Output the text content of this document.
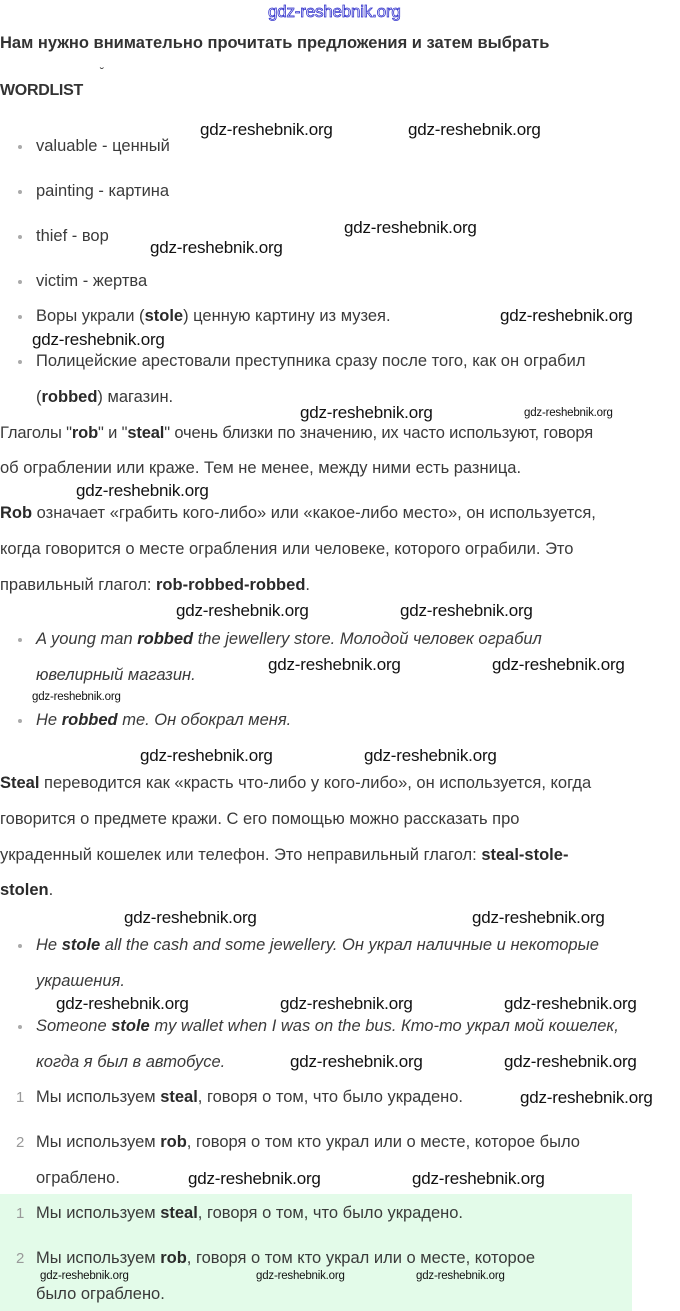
Нам нужно внимательно прочитать предложения и затем выбрать
˘
WORDLIST
valuable - ценный
painting - картина
thief - вор
victim - жертва
Воры украли (stole) ценную картину из музея.
Полицейские арестовали преступника сразу после того, как он ограбил
(robbed) магазин.
Глаголы "rob" и "steal" очень близки по значению, их часто используют, говоря
об ограблении или краже. Тем не менее, между ними есть разница.
Rob означает «грабить кого-либо» или «какое-либо место», он используется,
когда говорится о месте ограбления или человеке, которого ограбили. Это
правильный глагол: rob-robbed-robbed.
A young man robbed the jewellery store. Молодой человек ограбил
ювелирный магазин.
He robbed me. Он обокрал меня.
Steal переводится как «красть что-либо у кого-либо», он используется, когда
говорится о предмете кражи. С его помощью можно рассказать про
украденный кошелек или телефон. Это неправильный глагол: steal-stole-
stolen.
He stole all the cash and some jewellery. Он украл наличные и некоторые
украшения.
Someone stole my wallet when I was on the bus. Кто-то украл мой кошелек,
когда я был в автобусе.
1 Мы используем steal, говоря о том, что было украдено.
2 Мы используем rob, говоря о том кто украл или о месте, которое было
ограблено.
1 Мы используем steal, говоря о том, что было украдено.
2 Мы используем rob, говоря о том кто украл или о месте, которое
было ограблено.
gdz-reshebnik.org
gdz-reshebnik.org	gdz-reshebnik.org
gdz-reshebnik.org
gdz-reshebnik.org
gdz-reshebnik.org
gdz-reshebnik.org
gdz-reshebnik.org	gdz-reshebnik.org
gdz-reshebnik.org
gdz-reshebnik.org
gdz-reshebnik.org
gdz-reshebnik.org
gdz-reshebnik.org	gdz-reshebnik.org
gdz-reshebnik.org
gdz-reshebnik.org
gdz-reshebnik.org	gdz-reshebnik.org
gdz-reshebnik.org	gdz-reshebnik.org	gdz-reshebnik.org
gdz-reshebnik.org	gdz-reshebnik.org
gdz-reshebnik.org
gdz-reshebnik.org
gdz-reshebnik.org
gdz-reshebnik.org	gdz-reshebnik.org	gdz-reshebnik.org
